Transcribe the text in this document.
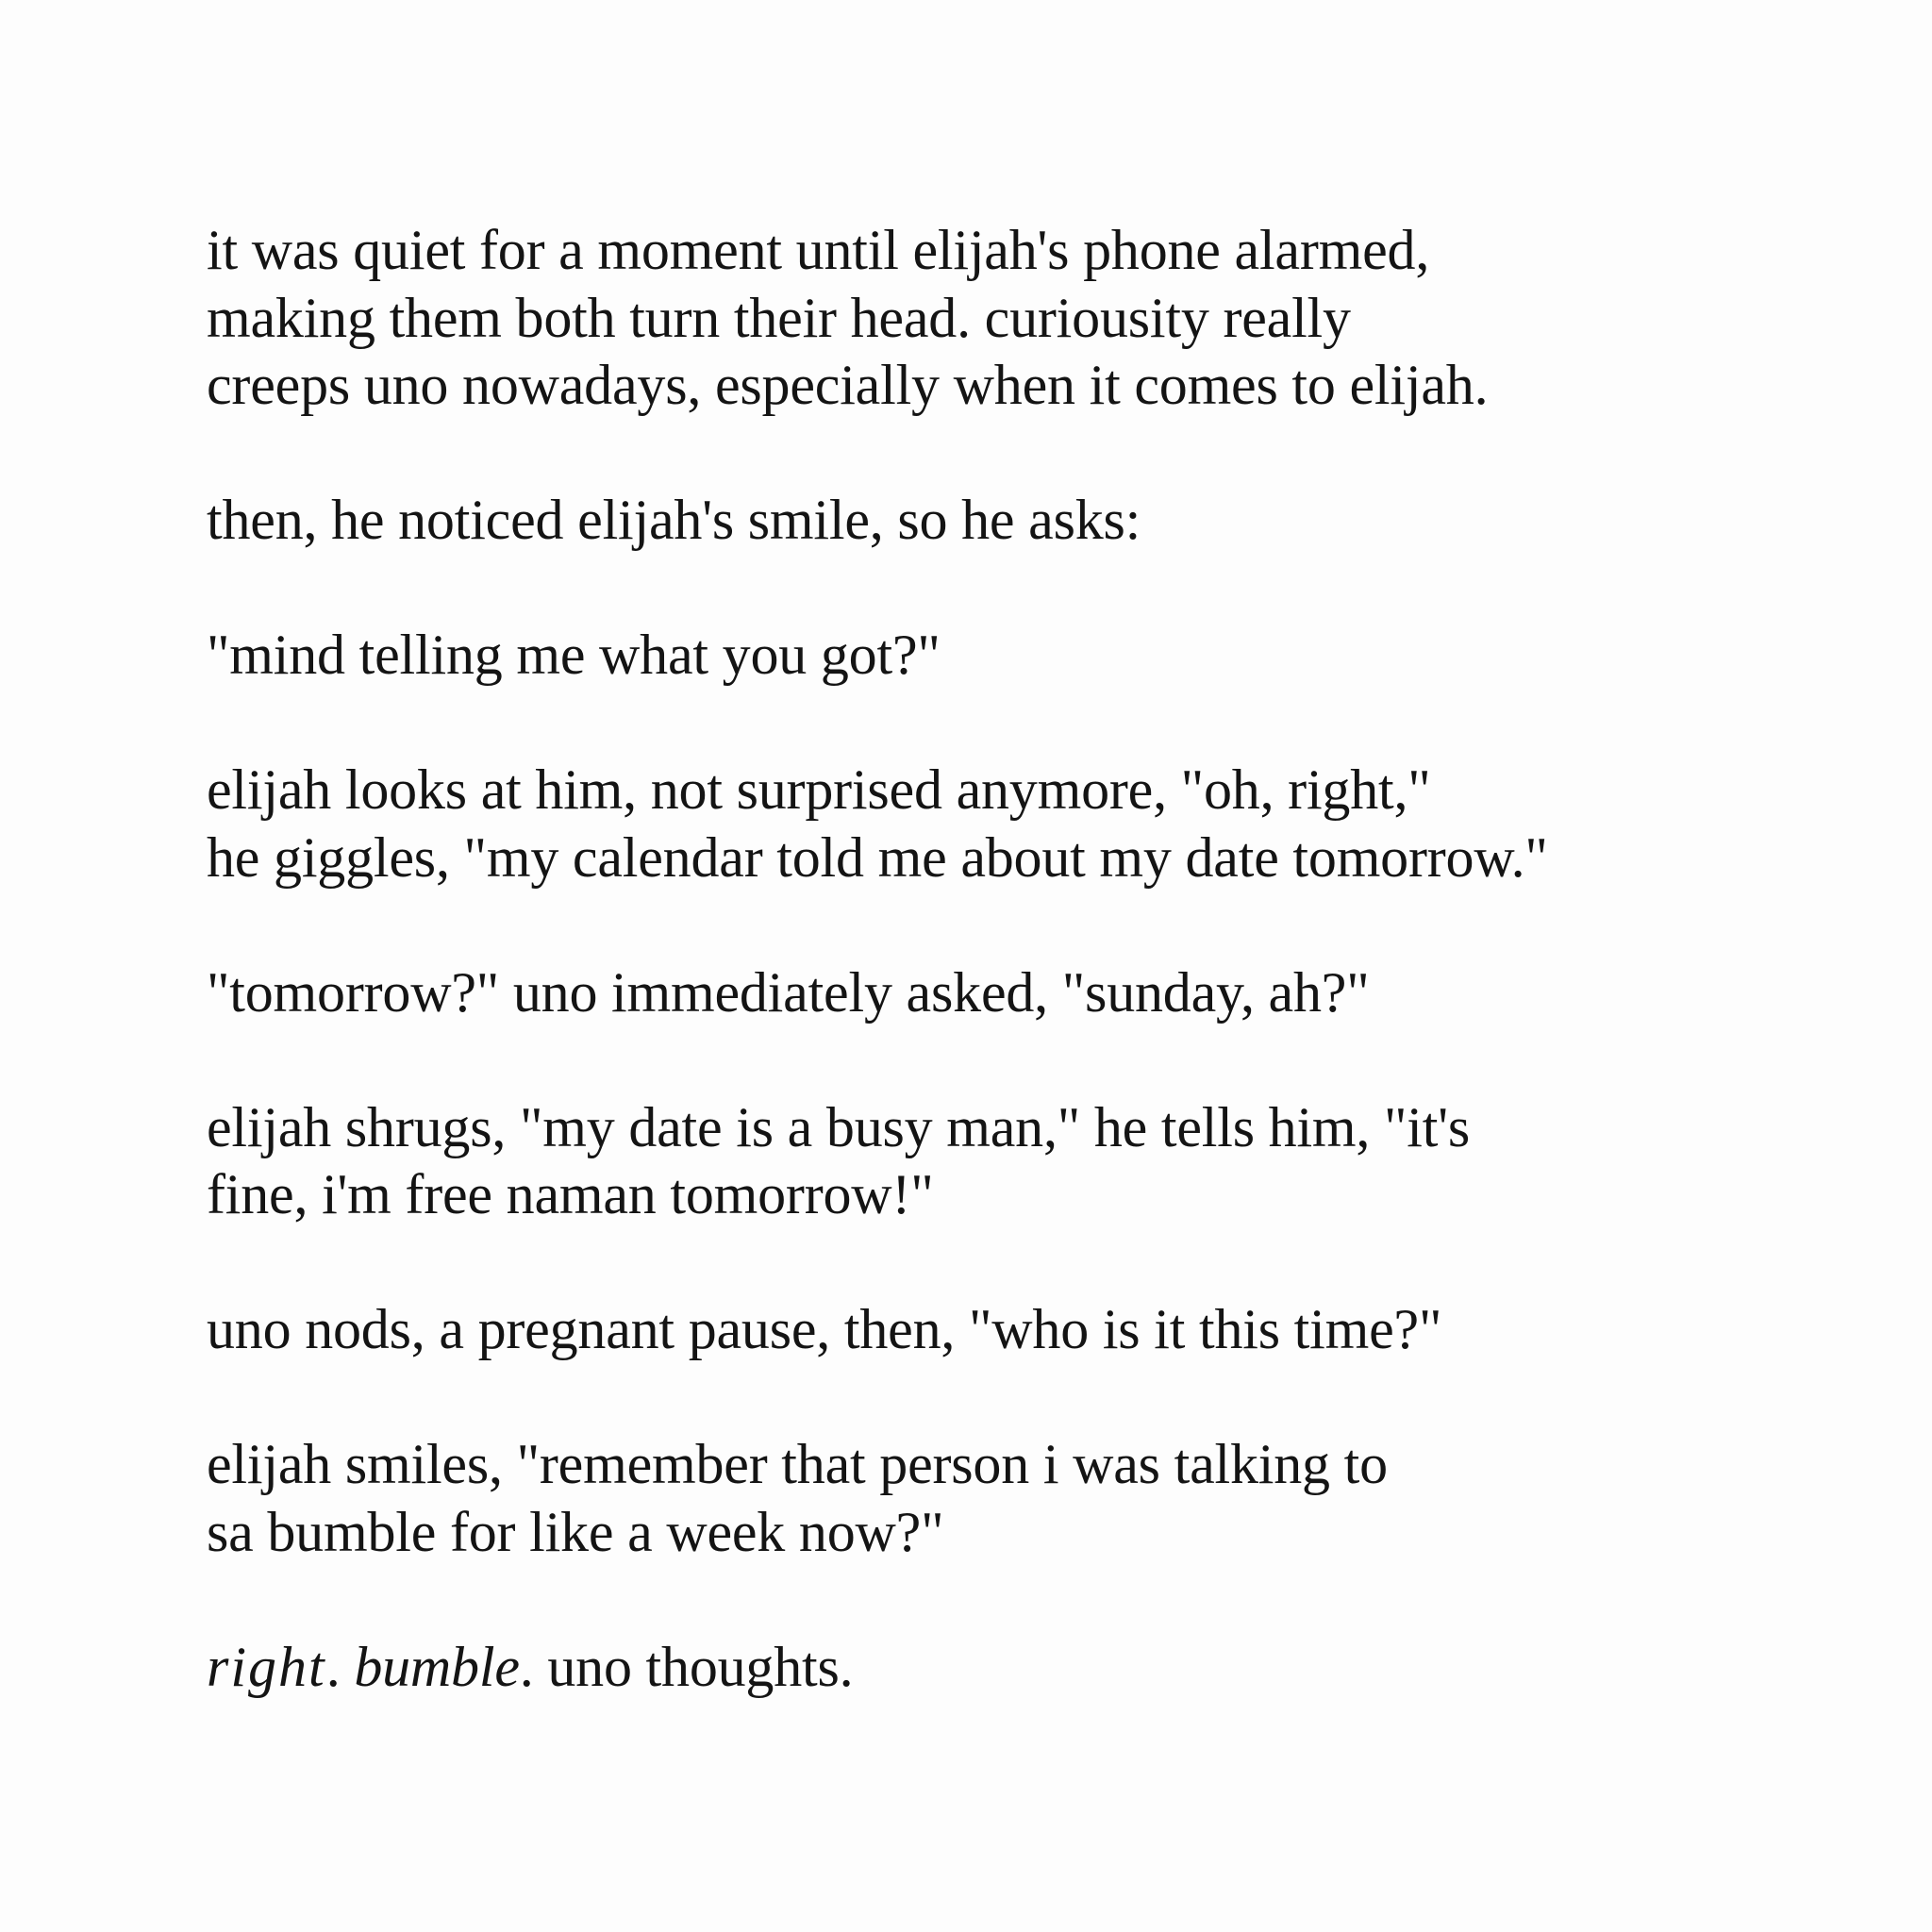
it was quiet for a moment until elijah's phone alarmed,
making them both turn their head. curiousity really
creeps uno nowadays, especially when it comes to elijah.

then, he noticed elijah's smile, so he asks:

"mind telling me what you got?"

elijah looks at him, not surprised anymore, "oh, right,"
he giggles, "my calendar told me about my date tomorrow."

"tomorrow?" uno immediately asked, "sunday, ah?"

elijah shrugs, "my date is a busy man," he tells him, "it's
fine, i'm free naman tomorrow!"

uno nods, a pregnant pause, then, "who is it this time?"

elijah smiles, "remember that person i was talking to
sa bumble for like a week now?"

right. bumble. uno thoughts.
